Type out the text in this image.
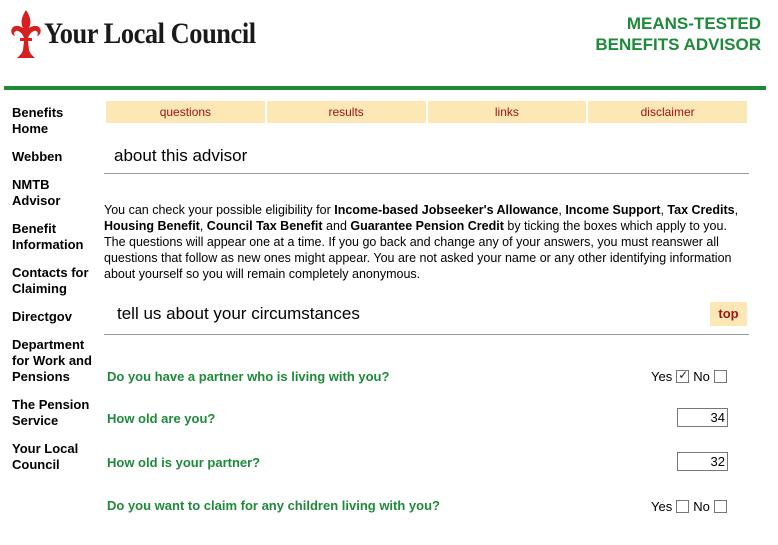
Your Local Council	MEANS-TESTED
BENEFITS ADVISOR
Benefits Home
Webben
NMTB Advisor
Benefit Information
Contacts for Claiming
Directgov
Department for Work and Pensions
The Pension Service
Your Local Council
questions	results	links	disclaimer
about this advisor
You can check your possible eligibility for Income-based Jobseeker's Allowance, Income Support, Tax Credits, Housing Benefit, Council Tax Benefit and Guarantee Pension Credit by ticking the boxes which apply to you. The questions will appear one at a time. If you go back and change any of your answers, you must reanswer all questions that follow as new ones might appear. You are not asked your name or any other identifying information about yourself so you will remain completely anonymous.
tell us about your circumstances	top
Do you have a partner who is living with you?	Yes
✓ No
How old are you?
34
How old is your partner?
32
Do you want to claim for any children living with you?	Yes No
